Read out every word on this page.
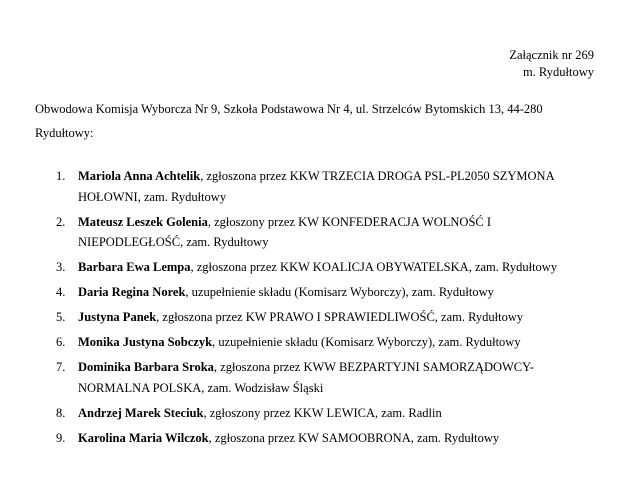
Załącznik nr 269
m. Rydułtowy
Obwodowa Komisja Wyborcza Nr 9, Szkoła Podstawowa Nr 4, ul. Strzelców Bytomskich 13, 44-280 Rydułtowy:
1. Mariola Anna Achtelik, zgłoszona przez KKW TRZECIA DROGA PSL-PL2050 SZYMONA HOŁOWNI, zam. Rydułtowy
2. Mateusz Leszek Golenia, zgłoszony przez KW KONFEDERACJA WOLNOŚĆ I NIEPODLEGŁOŚĆ, zam. Rydułtowy
3. Barbara Ewa Lempa, zgłoszona przez KKW KOALICJA OBYWATELSKA, zam. Rydułtowy
4. Daria Regina Norek, uzupełnienie składu (Komisarz Wyborczy), zam. Rydułtowy
5. Justyna Panek, zgłoszona przez KW PRAWO I SPRAWIEDLIWOŚĆ, zam. Rydułtowy
6. Monika Justyna Sobczyk, uzupełnienie składu (Komisarz Wyborczy), zam. Rydułtowy
7. Dominika Barbara Sroka, zgłoszona przez KWW BEZPARTYJNI SAMORZĄDOWCY-NORMALNA POLSKA, zam. Wodzisław Śląski
8. Andrzej Marek Steciuk, zgłoszony przez KKW LEWICA, zam. Radlin
9. Karolina Maria Wilczok, zgłoszona przez KW SAMOOBRONA, zam. Rydułtowy
